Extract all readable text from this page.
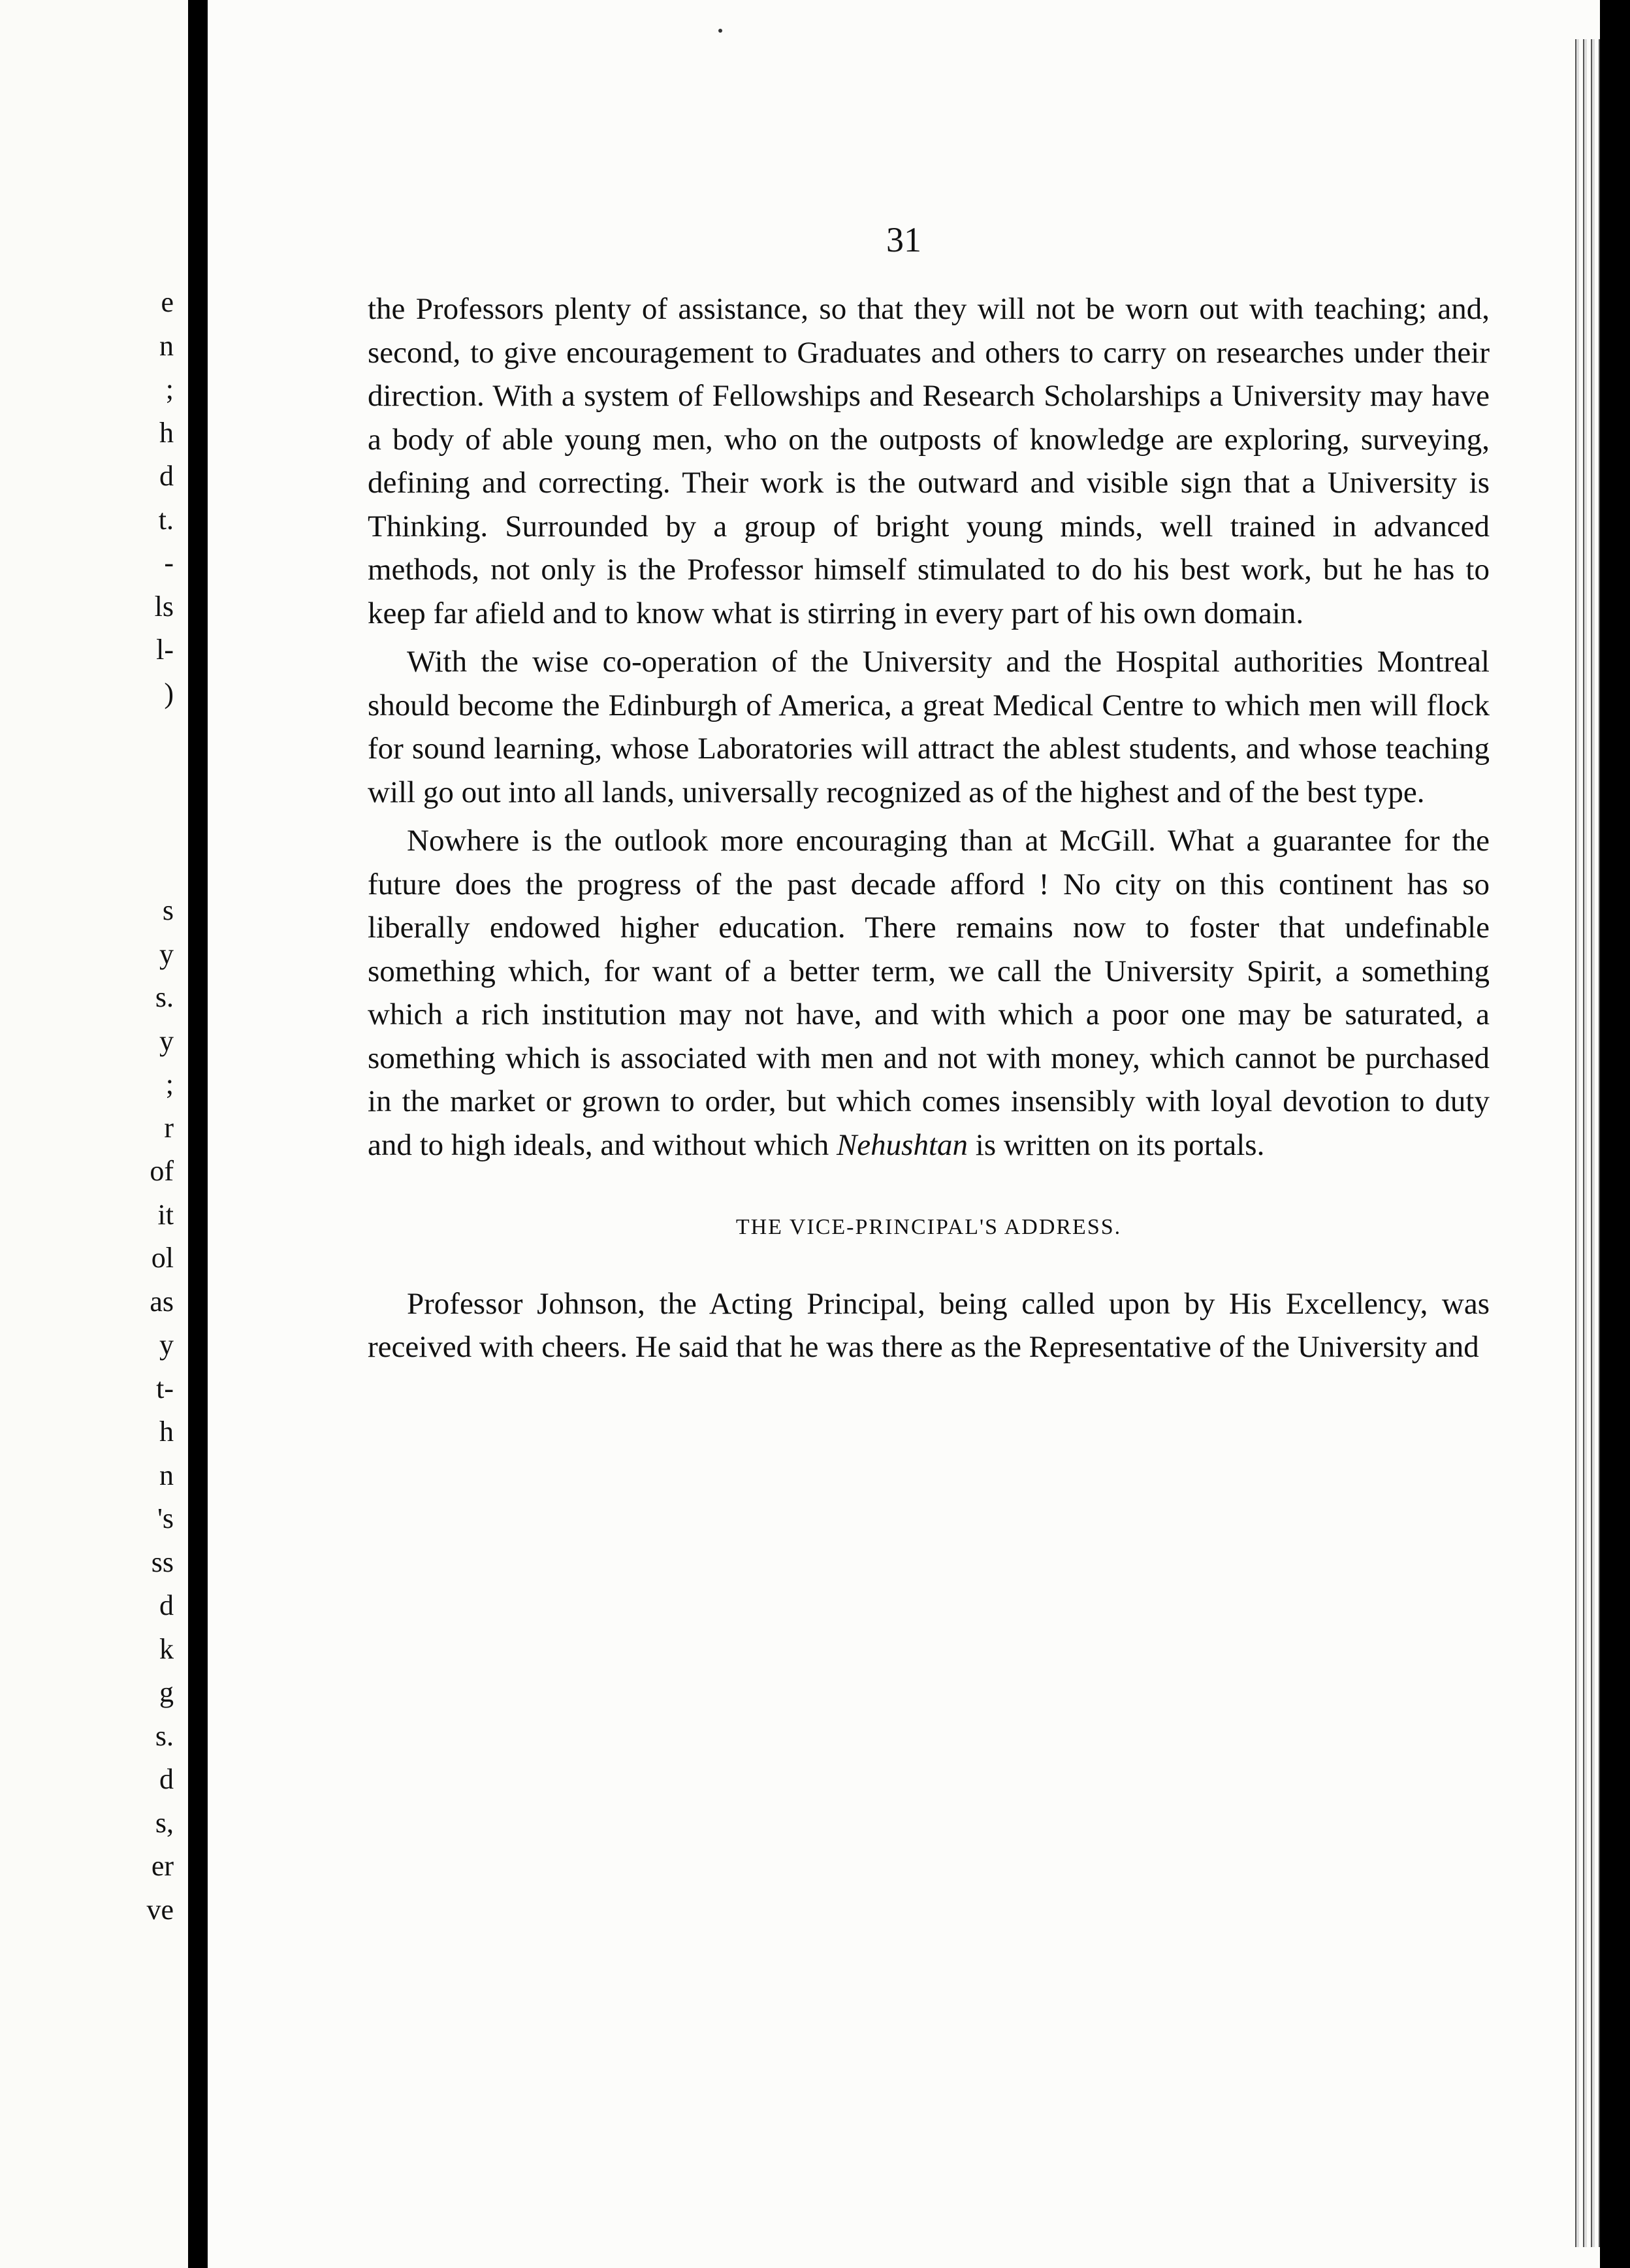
e
n
;
h
d
t.
-
ls
l-
)
s
y
s.
y
;
r
of
it
ol
as
y
t-
h
n
's
ss
d
k
g
s.
d
s,
er
ve
31

the Professors plenty of assistance, so that they will not be worn out with teaching; and, second, to give encouragement to Graduates and others to carry on researches under their direction. With a system of Fellowships and Research Scholarships a University may have a body of able young men, who on the outposts of knowledge are exploring, surveying, defining and correcting. Their work is the outward and visible sign that a University is Thinking. Surrounded by a group of bright young minds, well trained in advanced methods, not only is the Professor himself stimulated to do his best work, but he has to keep far afield and to know what is stirring in every part of his own domain.

With the wise co-operation of the University and the Hospital authorities Montreal should become the Edinburgh of America, a great Medical Centre to which men will flock for sound learning, whose Laboratories will attract the ablest students, and whose teaching will go out into all lands, universally recognized as of the highest and of the best type.

Nowhere is the outlook more encouraging than at McGill. What a guarantee for the future does the progress of the past decade afford ! No city on this continent has so liberally endowed higher education. There remains now to foster that undefinable something which, for want of a better term, we call the University Spirit, a something which a rich institution may not have, and with which a poor one may be saturated, a something which is associated with men and not with money, which cannot be purchased in the market or grown to order, but which comes insensibly with loyal devotion to duty and to high ideals, and without which Nehushtan is written on its portals.

THE VICE-PRINCIPAL'S ADDRESS.

Professor Johnson, the Acting Principal, being called upon by His Excellency, was received with cheers. He said that he was there as the Representative of the University and
